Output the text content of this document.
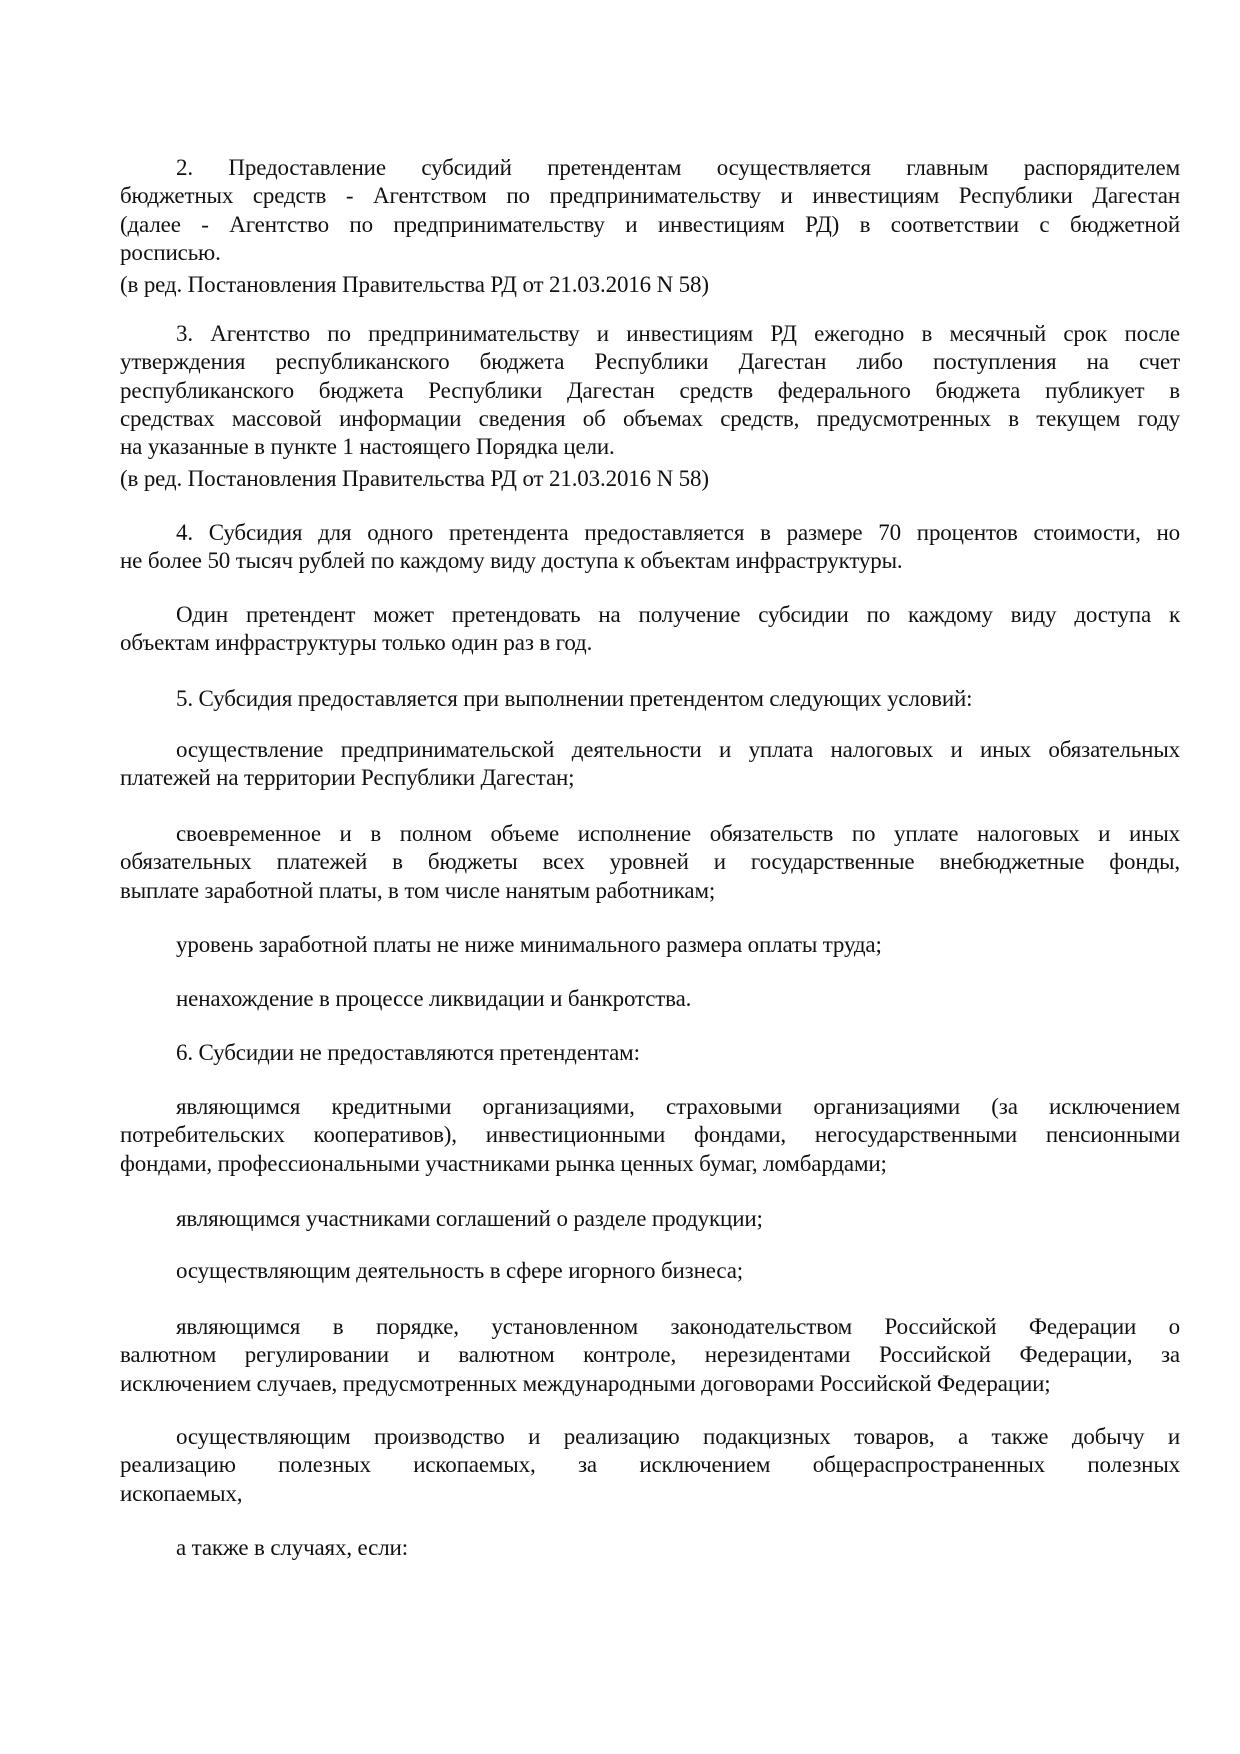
2. Предоставление субсидий претендентам осуществляется главным распорядителем
бюджетных средств - Агентством по предпринимательству и инвестициям Республики Дагестан
(далее - Агентство по предпринимательству и инвестициям РД) в соответствии с бюджетной
росписью.
(в ред. Постановления Правительства РД от 21.03.2016 N 58)
3. Агентство по предпринимательству и инвестициям РД ежегодно в месячный срок после
утверждения республиканского бюджета Республики Дагестан либо поступления на счет
республиканского бюджета Республики Дагестан средств федерального бюджета публикует в
средствах массовой информации сведения об объемах средств, предусмотренных в текущем году
на указанные в пункте 1 настоящего Порядка цели.
(в ред. Постановления Правительства РД от 21.03.2016 N 58)
4. Субсидия для одного претендента предоставляется в размере 70 процентов стоимости, но
не более 50 тысяч рублей по каждому виду доступа к объектам инфраструктуры.
Один претендент может претендовать на получение субсидии по каждому виду доступа к
объектам инфраструктуры только один раз в год.
5. Субсидия предоставляется при выполнении претендентом следующих условий:
осуществление предпринимательской деятельности и уплата налоговых и иных обязательных
платежей на территории Республики Дагестан;
своевременное и в полном объеме исполнение обязательств по уплате налоговых и иных
обязательных платежей в бюджеты всех уровней и государственные внебюджетные фонды,
выплате заработной платы, в том числе нанятым работникам;
уровень заработной платы не ниже минимального размера оплаты труда;
ненахождение в процессе ликвидации и банкротства.
6. Субсидии не предоставляются претендентам:
являющимся кредитными организациями, страховыми организациями (за исключением
потребительских кооперативов), инвестиционными фондами, негосударственными пенсионными
фондами, профессиональными участниками рынка ценных бумаг, ломбардами;
являющимся участниками соглашений о разделе продукции;
осуществляющим деятельность в сфере игорного бизнеса;
являющимся в порядке, установленном законодательством Российской Федерации о
валютном регулировании и валютном контроле, нерезидентами Российской Федерации, за
исключением случаев, предусмотренных международными договорами Российской Федерации;
осуществляющим производство и реализацию подакцизных товаров, а также добычу и
реализацию полезных ископаемых, за исключением общераспространенных полезных
ископаемых,
а также в случаях, если:
